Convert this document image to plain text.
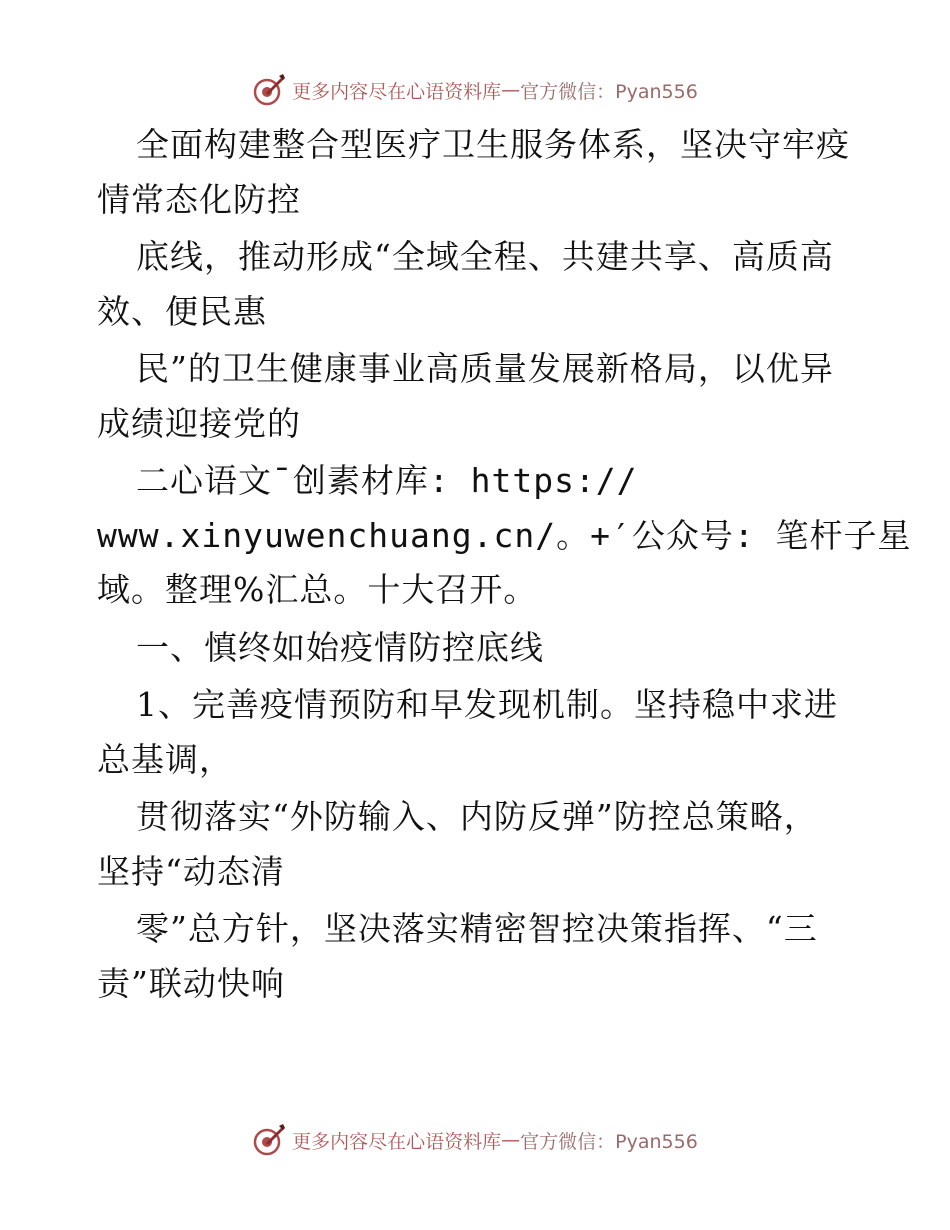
更多内容尽在心语资料库 — 官方微信：Pyan556
全面构建整合型医疗卫生服务体系，坚决守牢疫
情常态化防控
底线，推动形成“全域全程、共建共享、高质高
效、便民惠
民”的卫生健康事业高质量发展新格局，以优异
成绩迎接党的
二心语文¯创素材库: https://
www.xinyuwenchuang.cn/。+′公众号: 笔杆子星
域。整理%汇总。十大召开。
一、慎终如始疫情防控底线
1、完善疫情预防和早发现机制。坚持稳中求进
总基调，
贯彻落实“外防输入、内防反弹”防控总策略，
坚持“动态清
零”总方针，坚决落实精密智控决策指挥、“三
责”联动快响
更多内容尽在心语资料库 — 官方微信：Pyan556
